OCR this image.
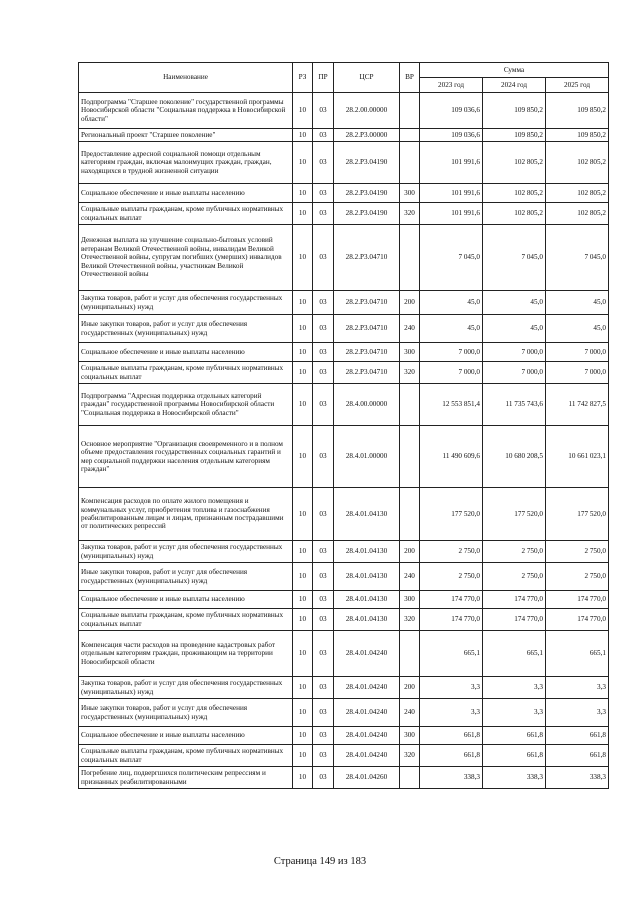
Наименование	РЗ	ПР	ЦСР	ВР	Сумма		
					2023 год	2024 год	2025 год
Подпрограмма "Старшее поколение" государственной программы Новосибирской области "Социальная поддержка в Новосибирской области"	10	03	28.2.00.00000		109 036,6	109 850,2	109 850,2
Региональный проект "Старшее поколение"	10	03	28.2.P3.00000		109 036,6	109 850,2	109 850,2
Предоставление адресной социальной помощи отдельным категориям граждан, включая малоимущих граждан, граждан, находящихся в трудной жизненной ситуации	10	03	28.2.P3.04190		101 991,6	102 805,2	102 805,2
Социальное обеспечение и иные выплаты населению	10	03	28.2.P3.04190	300	101 991,6	102 805,2	102 805,2
Социальные выплаты гражданам, кроме публичных нормативных социальных выплат	10	03	28.2.P3.04190	320	101 991,6	102 805,2	102 805,2
Денежная выплата на улучшение социально-бытовых условий ветеранам Великой Отечественной войны, инвалидам Великой Отечественной войны, супругам погибших (умерших) инвалидов Великой Отечественной войны, участникам Великой Отечественной войны	10	03	28.2.P3.04710		7 045,0	7 045,0	7 045,0
Закупка товаров, работ и услуг для обеспечения государственных (муниципальных) нужд	10	03	28.2.P3.04710	200	45,0	45,0	45,0
Иные закупки товаров, работ и услуг для обеспечения государственных (муниципальных) нужд	10	03	28.2.P3.04710	240	45,0	45,0	45,0
Социальное обеспечение и иные выплаты населению	10	03	28.2.P3.04710	300	7 000,0	7 000,0	7 000,0
Социальные выплаты гражданам, кроме публичных нормативных социальных выплат	10	03	28.2.P3.04710	320	7 000,0	7 000,0	7 000,0
Подпрограмма "Адресная поддержка отдельных категорий граждан" государственной программы Новосибирской области "Социальная поддержка в Новосибирской области"	10	03	28.4.00.00000		12 553 851,4	11 735 743,6	11 742 827,5
Основное мероприятие "Организация своевременного и в полном объеме предоставления государственных социальных гарантий и мер социальной поддержки населения отдельным категориям граждан"	10	03	28.4.01.00000		11 490 609,6	10 680 208,5	10 661 023,1
Компенсация расходов по оплате жилого помещения и коммунальных услуг, приобретения топлива и газоснабжения реабилитированным лицам и лицам, признанным пострадавшими от политических репрессий	10	03	28.4.01.04130		177 520,0	177 520,0	177 520,0
Закупка товаров, работ и услуг для обеспечения государственных (муниципальных) нужд	10	03	28.4.01.04130	200	2 750,0	2 750,0	2 750,0
Иные закупки товаров, работ и услуг для обеспечения государственных (муниципальных) нужд	10	03	28.4.01.04130	240	2 750,0	2 750,0	2 750,0
Социальное обеспечение и иные выплаты населению	10	03	28.4.01.04130	300	174 770,0	174 770,0	174 770,0
Социальные выплаты гражданам, кроме публичных нормативных социальных выплат	10	03	28.4.01.04130	320	174 770,0	174 770,0	174 770,0
Компенсация части расходов на проведение кадастровых работ отдельным категориям граждан, проживающим на территории Новосибирской области	10	03	28.4.01.04240		665,1	665,1	665,1
Закупка товаров, работ и услуг для обеспечения государственных (муниципальных) нужд	10	03	28.4.01.04240	200	3,3	3,3	3,3
Иные закупки товаров, работ и услуг для обеспечения государственных (муниципальных) нужд	10	03	28.4.01.04240	240	3,3	3,3	3,3
Социальное обеспечение и иные выплаты населению	10	03	28.4.01.04240	300	661,8	661,8	661,8
Социальные выплаты гражданам, кроме публичных нормативных социальных выплат	10	03	28.4.01.04240	320	661,8	661,8	661,8
Погребение лиц, подвергшихся политическим репрессиям и признанных реабилитированными	10	03	28.4.01.04260		338,3	338,3	338,3
Страница 149 из 183
